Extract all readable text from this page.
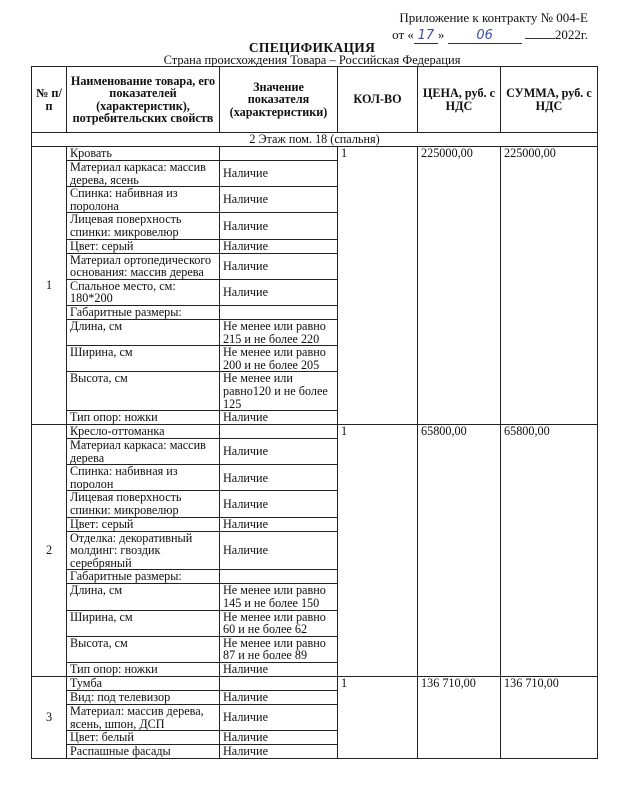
Приложение к контракту № 004-Е
от « 17 » 06	2022г.
СПЕЦИФИКАЦИЯ
Страна происхождения Товара – Российская Федерация
№ п/п	Наименование товара, его показателей (характеристик), потребительских свойств	Значение показателя (характеристики)	КОЛ-ВО	ЦЕНА, руб. с НДС	СУММА, руб. с НДС
2 Этаж пом. 18 (спальня)					
1	Кровать		1	225000,00	225000,00
	Материал каркаса: массив дерева, ясень	Наличие			
	Спинка: набивная из поролона	Наличие			
	Лицевая поверхность спинки: микровелюр	Наличие			
	Цвет: серый	Наличие			
	Материал ортопедического основания: массив дерева	Наличие			
	Спальное место, см: 180*200	Наличие			
	Габаритные размеры:				
	Длина, см	Не менее или равно 215 и не более 220			
	Ширина, см	Не менее или равно 200 и не более 205			
	Высота, см	Не менее или равно120 и не более 125			
	Тип опор: ножки	Наличие			
2	Кресло-оттоманка		1	65800,00	65800,00
	Материал каркаса: массив дерева	Наличие			
	Спинка: набивная из поролон	Наличие			
	Лицевая поверхность спинки: микровелюр	Наличие			
	Цвет: серый	Наличие			
	Отделка: декоративный молдинг: гвоздик серебряный	Наличие			
	Габаритные размеры:				
	Длина, см	Не менее или равно 145 и не более 150			
	Ширина, см	Не менее или равно 60 и не более 62			
	Высота, см	Не менее или равно 87 и не более 89			
	Тип опор: ножки	Наличие			
3	Тумба		1	136 710,00	136 710,00
	Вид: под телевизор	Наличие			
	Материал: массив дерева, ясень, шпон, ДСП	Наличие			
	Цвет: белый	Наличие			
	Распашные фасады	Наличие			
